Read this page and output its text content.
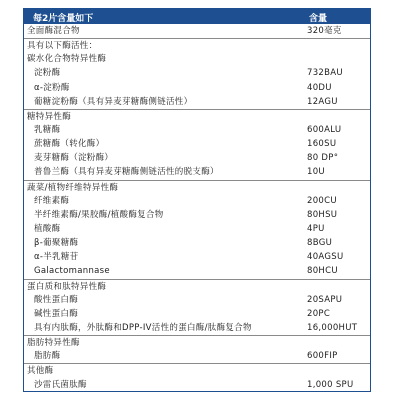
每2片含量如下	含量
全面酶混合物	320毫克
具有以下酶活性：
碳水化合物特异性酶
淀粉酶	732BAU
α-淀粉酶	40DU
葡糖淀粉酶（具有异麦芽糖酶侧链活性）	12AGU
糖特异性酶
乳糖酶	600ALU
蔗糖酶（转化酶）	160SU
麦芽糖酶（淀粉酶）	80 DP°
普鲁兰酶（具有异麦芽糖酶侧链活性的脱支酶）	10U
蔬菜/植物纤维特异性酶
纤维素酶	200CU
半纤维素酶/果胶酶/植酸酶复合物	80HSU
植酸酶	4PU
β-葡聚糖酶	8BGU
α-半乳糖苷	40AGSU
Galactomannase	80HCU
蛋白质和肽特异性酶
酸性蛋白酶	20SAPU
碱性蛋白酶	20PC
具有内肽酶，外肽酶和DPP-IV活性的蛋白酶/肽酶复合物	16,000HUT
脂肪特异性酶
脂肪酶	600FIP
其他酶
沙雷氏菌肽酶	1,000 SPU
